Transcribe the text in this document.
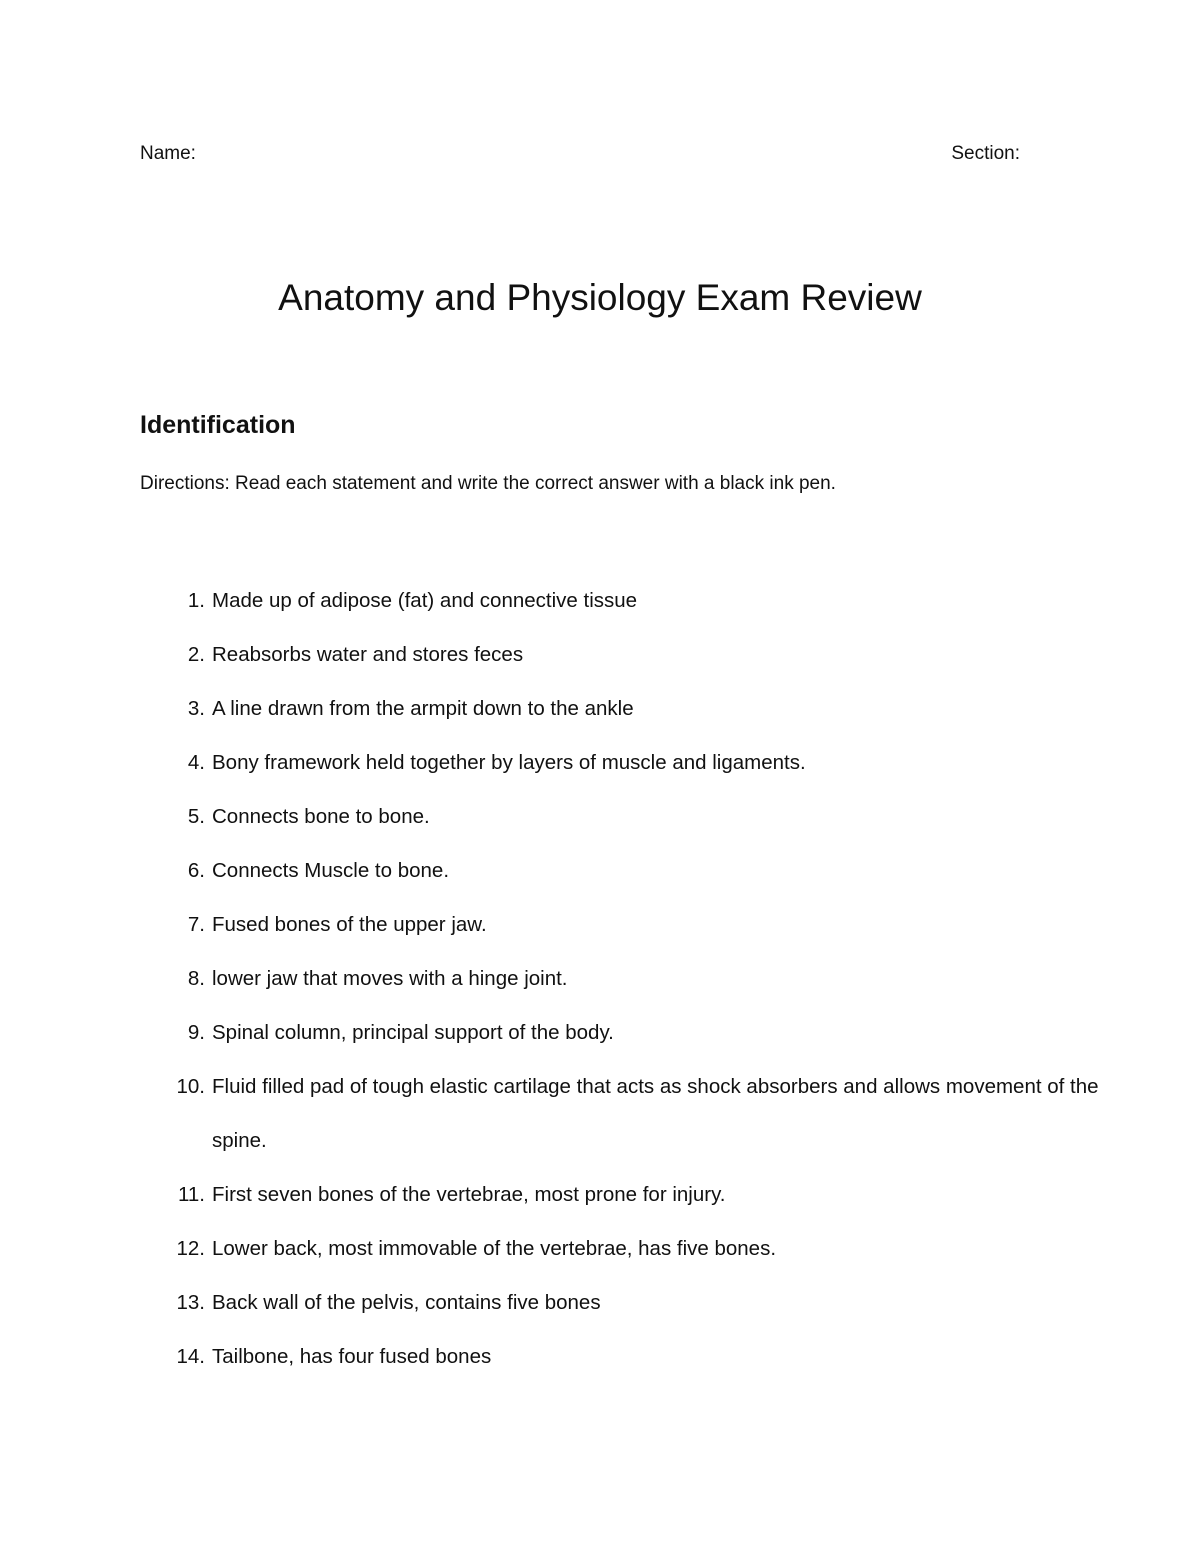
Name:	Section:
Anatomy and Physiology Exam Review
Identification

Directions: Read each statement and write the correct answer with a black ink pen.

1. Made up of adipose (fat) and connective tissue
2. Reabsorbs water and stores feces
3. A line drawn from the armpit down to the ankle
4. Bony framework held together by layers of muscle and ligaments.
5. Connects bone to bone.
6. Connects Muscle to bone.
7. Fused bones of the upper jaw.
8. lower jaw that moves with a hinge joint.
9. Spinal column, principal support of the body.
10. Fluid filled pad of tough elastic cartilage that acts as shock absorbers and allows movement of the spine.
11. First seven bones of the vertebrae, most prone for injury.
12. Lower back, most immovable of the vertebrae, has five bones.
13. Back wall of the pelvis, contains five bones
14. Tailbone, has four fused bones
